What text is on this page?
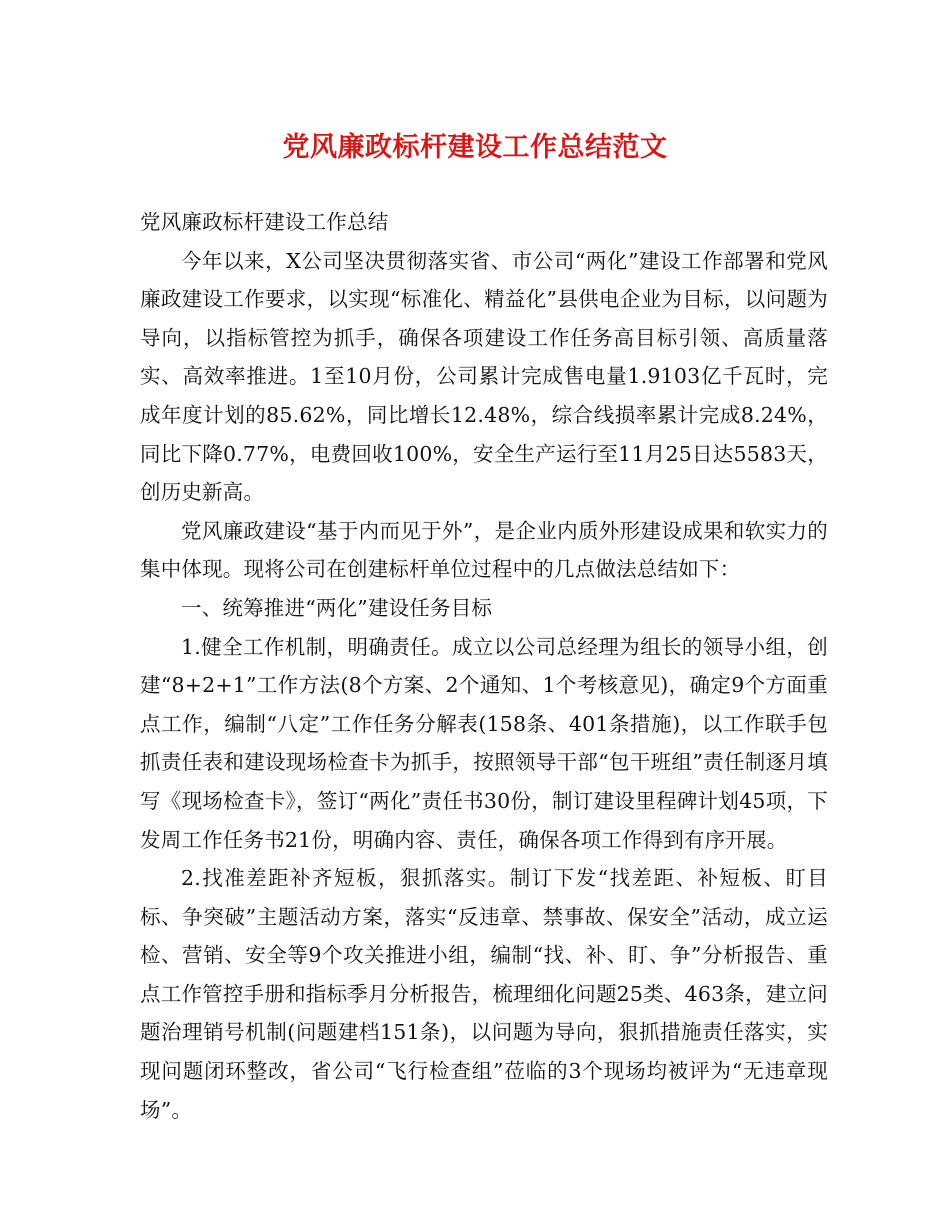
党风廉政标杆建设工作总结范文

党风廉政标杆建设工作总结

今年以来，X公司坚决贯彻落实省、市公司“两化”建设工作部署和党风廉政建设工作要求，以实现“标准化、精益化”县供电企业为目标，以问题为导向，以指标管控为抓手，确保各项建设工作任务高目标引领、高质量落实、高效率推进。1至10月份，公司累计完成售电量1.9103亿千瓦时，完成年度计划的85.62%，同比增长12.48%，综合线损率累计完成8.24%，同比下降0.77%，电费回收100%，安全生产运行至11月25日达5583天，创历史新高。

党风廉政建设“基于内而见于外”，是企业内质外形建设成果和软实力的集中体现。现将公司在创建标杆单位过程中的几点做法总结如下：

一、统筹推进“两化”建设任务目标

1.健全工作机制，明确责任。成立以公司总经理为组长的领导小组，创建“8+2+1”工作方法(8个方案、2个通知、1个考核意见)，确定9个方面重点工作，编制“八定”工作任务分解表(158条、401条措施)，以工作联手包抓责任表和建设现场检查卡为抓手，按照领导干部“包干班组”责任制逐月填写《现场检查卡》，签订“两化”责任书30份，制订建设里程碑计划45项，下发周工作任务书21份，明确内容、责任，确保各项工作得到有序开展。

2.找准差距补齐短板，狠抓落实。制订下发“找差距、补短板、盯目标、争突破”主题活动方案，落实“反违章、禁事故、保安全”活动，成立运检、营销、安全等9个攻关推进小组，编制“找、补、盯、争”分析报告、重点工作管控手册和指标季月分析报告，梳理细化问题25类、463条，建立问题治理销号机制(问题建档151条)，以问题为导向，狠抓措施责任落实，实现问题闭环整改，省公司“飞行检查组”莅临的3个现场均被评为“无违章现场”。
